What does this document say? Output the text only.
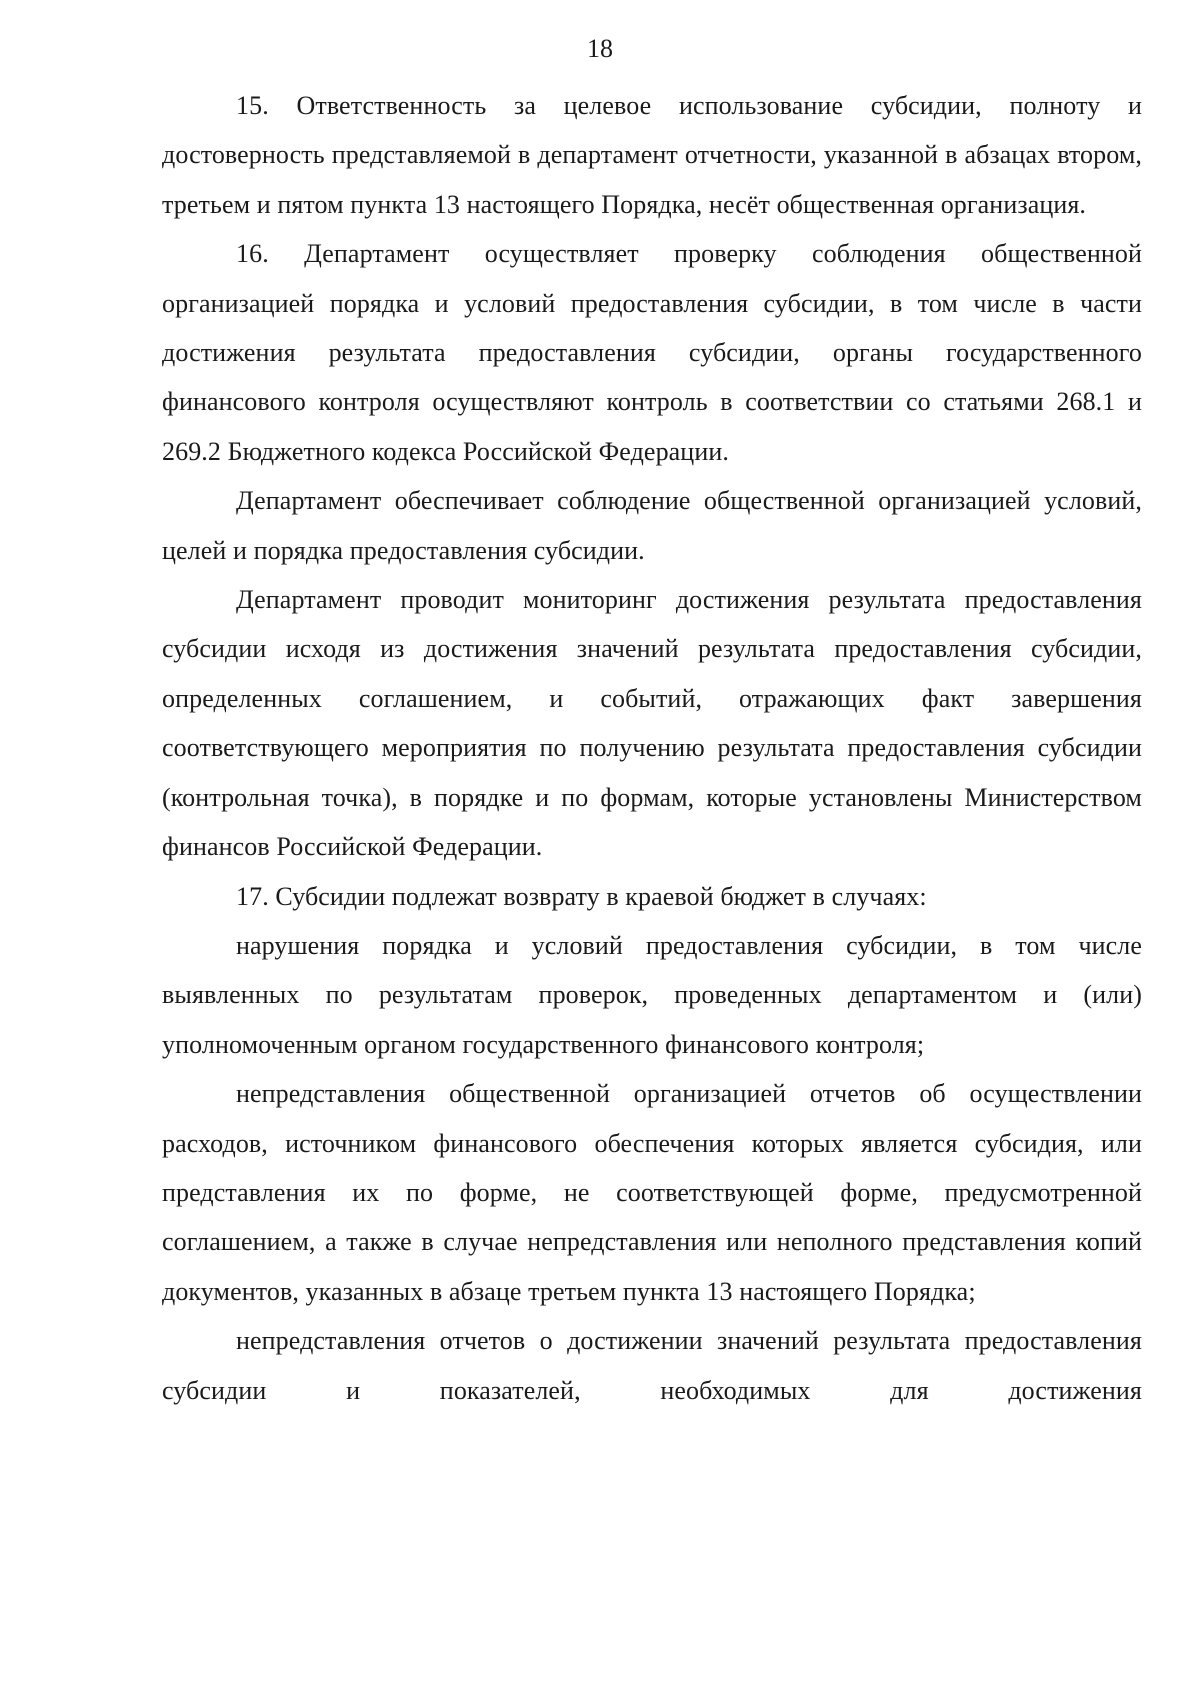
18

15. Ответственность за целевое использование субсидии, полноту и достоверность представляемой в департамент отчетности, указанной в абзацах втором, третьем и пятом пункта 13 настоящего Порядка, несёт общественная организация.

16. Департамент осуществляет проверку соблюдения общественной организацией порядка и условий предоставления субсидии, в том числе в части достижения результата предоставления субсидии, органы государственного финансового контроля осуществляют контроль в соответствии со статьями 268.1 и 269.2 Бюджетного кодекса Российской Федерации.

Департамент обеспечивает соблюдение общественной организацией условий, целей и порядка предоставления субсидии.

Департамент проводит мониторинг достижения результата предоставления субсидии исходя из достижения значений результата предоставления субсидии, определенных соглашением, и событий, отражающих факт завершения соответствующего мероприятия по получению результата предоставления субсидии (контрольная точка), в порядке и по формам, которые установлены Министерством финансов Российской Федерации.

17. Субсидии подлежат возврату в краевой бюджет в случаях:

нарушения порядка и условий предоставления субсидии, в том числе выявленных по результатам проверок, проведенных департаментом и (или) уполномоченным органом государственного финансового контроля;

непредставления общественной организацией отчетов об осуществлении расходов, источником финансового обеспечения которых является субсидия, или представления их по форме, не соответствующей форме, предусмотренной соглашением, а также в случае непредставления или неполного представления копий документов, указанных в абзаце третьем пункта 13 настоящего Порядка;

непредставления отчетов о достижении значений результата предоставления субсидии и показателей, необходимых для достижения
